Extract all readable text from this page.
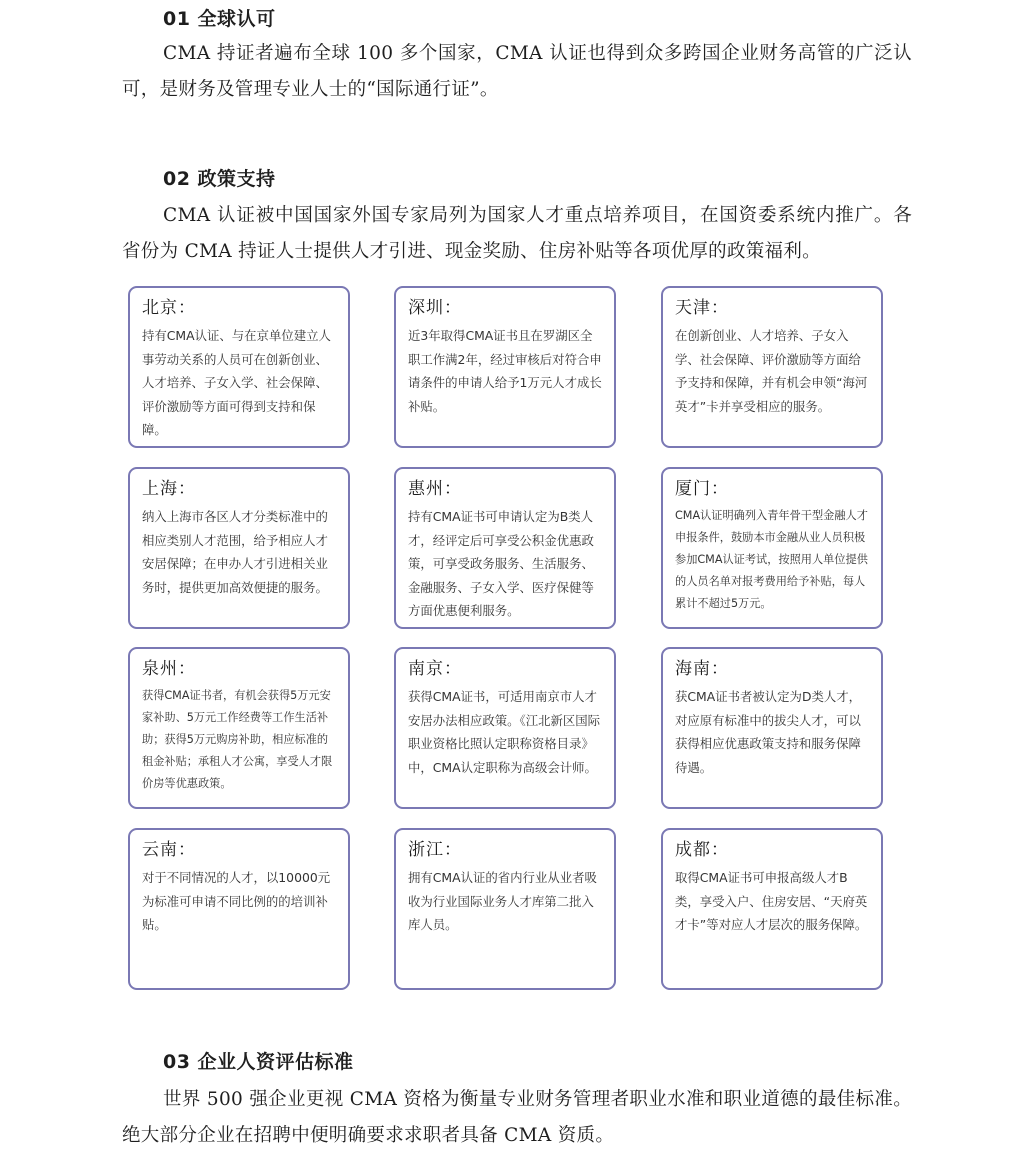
01 全球认可

CMA 持证者遍布全球 100 多个国家，CMA 认证也得到众多跨国企业财务高管的广泛认可，是财务及管理专业人士的“国际通行证”。

02 政策支持

CMA 认证被中国国家外国专家局列为国家人才重点培养项目，在国资委系统内推广。各省份为 CMA 持证人士提供人才引进、现金奖励、住房补贴等各项优厚的政策福利。

北京：
持有CMA认证、与在京单位建立人事劳动关系的人员可在创新创业、人才培养、子女入学、社会保障、评价激励等方面可得到支持和保障。
深圳：
近3年取得CMA证书且在罗湖区全职工作满2年，经过审核后对符合申请条件的申请人给予1万元人才成长补贴。
天津：
在创新创业、人才培养、子女入学、社会保障、评价激励等方面给予支持和保障，并有机会申领“海河英才”卡并享受相应的服务。
上海：
纳入上海市各区人才分类标准中的相应类别人才范围，给予相应人才安居保障；在申办人才引进相关业务时，提供更加高效便捷的服务。
惠州：
持有CMA证书可申请认定为B类人才，经评定后可享受公积金优惠政策，可享受政务服务、生活服务、金融服务、子女入学、医疗保健等方面优惠便利服务。
厦门：
CMA认证明确列入青年骨干型金融人才申报条件，鼓励本市金融从业人员积极参加CMA认证考试，按照用人单位提供的人员名单对报考费用给予补贴，每人累计不超过5万元。
泉州：
获得CMA证书者，有机会获得5万元安家补助、5万元工作经费等工作生活补助；获得5万元购房补助，相应标准的租金补贴；承租人才公寓，享受人才限价房等优惠政策。
南京：
获得CMA证书，可适用南京市人才安居办法相应政策。《江北新区国际职业资格比照认定职称资格目录》中，CMA认定职称为高级会计师。
海南：
获CMA证书者被认定为D类人才，对应原有标准中的拔尖人才，可以获得相应优惠政策支持和服务保障待遇。
云南：
对于不同情况的人才，以10000元为标准可申请不同比例的的培训补贴。
浙江：
拥有CMA认证的省内行业从业者吸收为行业国际业务人才库第二批入库人员。
成都：
取得CMA证书可申报高级人才B类，享受入户、住房安居、“天府英才卡”等对应人才层次的服务保障。
03 企业人资评估标准

世界 500 强企业更视 CMA 资格为衡量专业财务管理者职业水准和职业道德的最佳标准。绝大部分企业在招聘中便明确要求求职者具备 CMA 资质。
